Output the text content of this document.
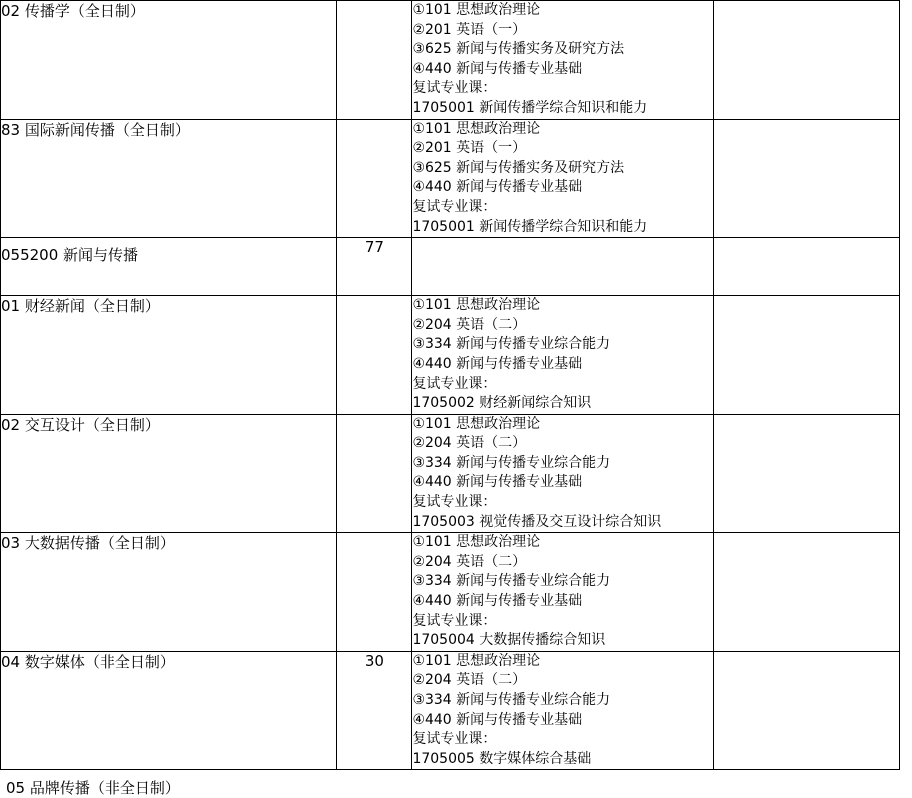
02 传播学（全日制）		①101 思想政治理论
②201 英语（一）
③625 新闻与传播实务及研究方法
④440 新闻与传播专业基础
复试专业课：
1705001 新闻传播学综合知识和能力

83 国际新闻传播（全日制）		①101 思想政治理论
②201 英语（一）
③625 新闻与传播实务及研究方法
④440 新闻与传播专业基础
复试专业课：
1705001 新闻传播学综合知识和能力

055200 新闻与传播	77		

01 财经新闻（全日制）		①101 思想政治理论
②204 英语（二）
③334 新闻与传播专业综合能力
④440 新闻与传播专业基础
复试专业课：
1705002 财经新闻综合知识

02 交互设计（全日制）		①101 思想政治理论
②204 英语（二）
③334 新闻与传播专业综合能力
④440 新闻与传播专业基础
复试专业课：
1705003 视觉传播及交互设计综合知识

03 大数据传播（全日制）		①101 思想政治理论
②204 英语（二）
③334 新闻与传播专业综合能力
④440 新闻与传播专业基础
复试专业课：
1705004 大数据传播综合知识

04 数字媒体（非全日制）	30	①101 思想政治理论
②204 英语（二）
③334 新闻与传播专业综合能力
④440 新闻与传播专业基础
复试专业课：
1705005 数字媒体综合基础

05 品牌传播（非全日制）
